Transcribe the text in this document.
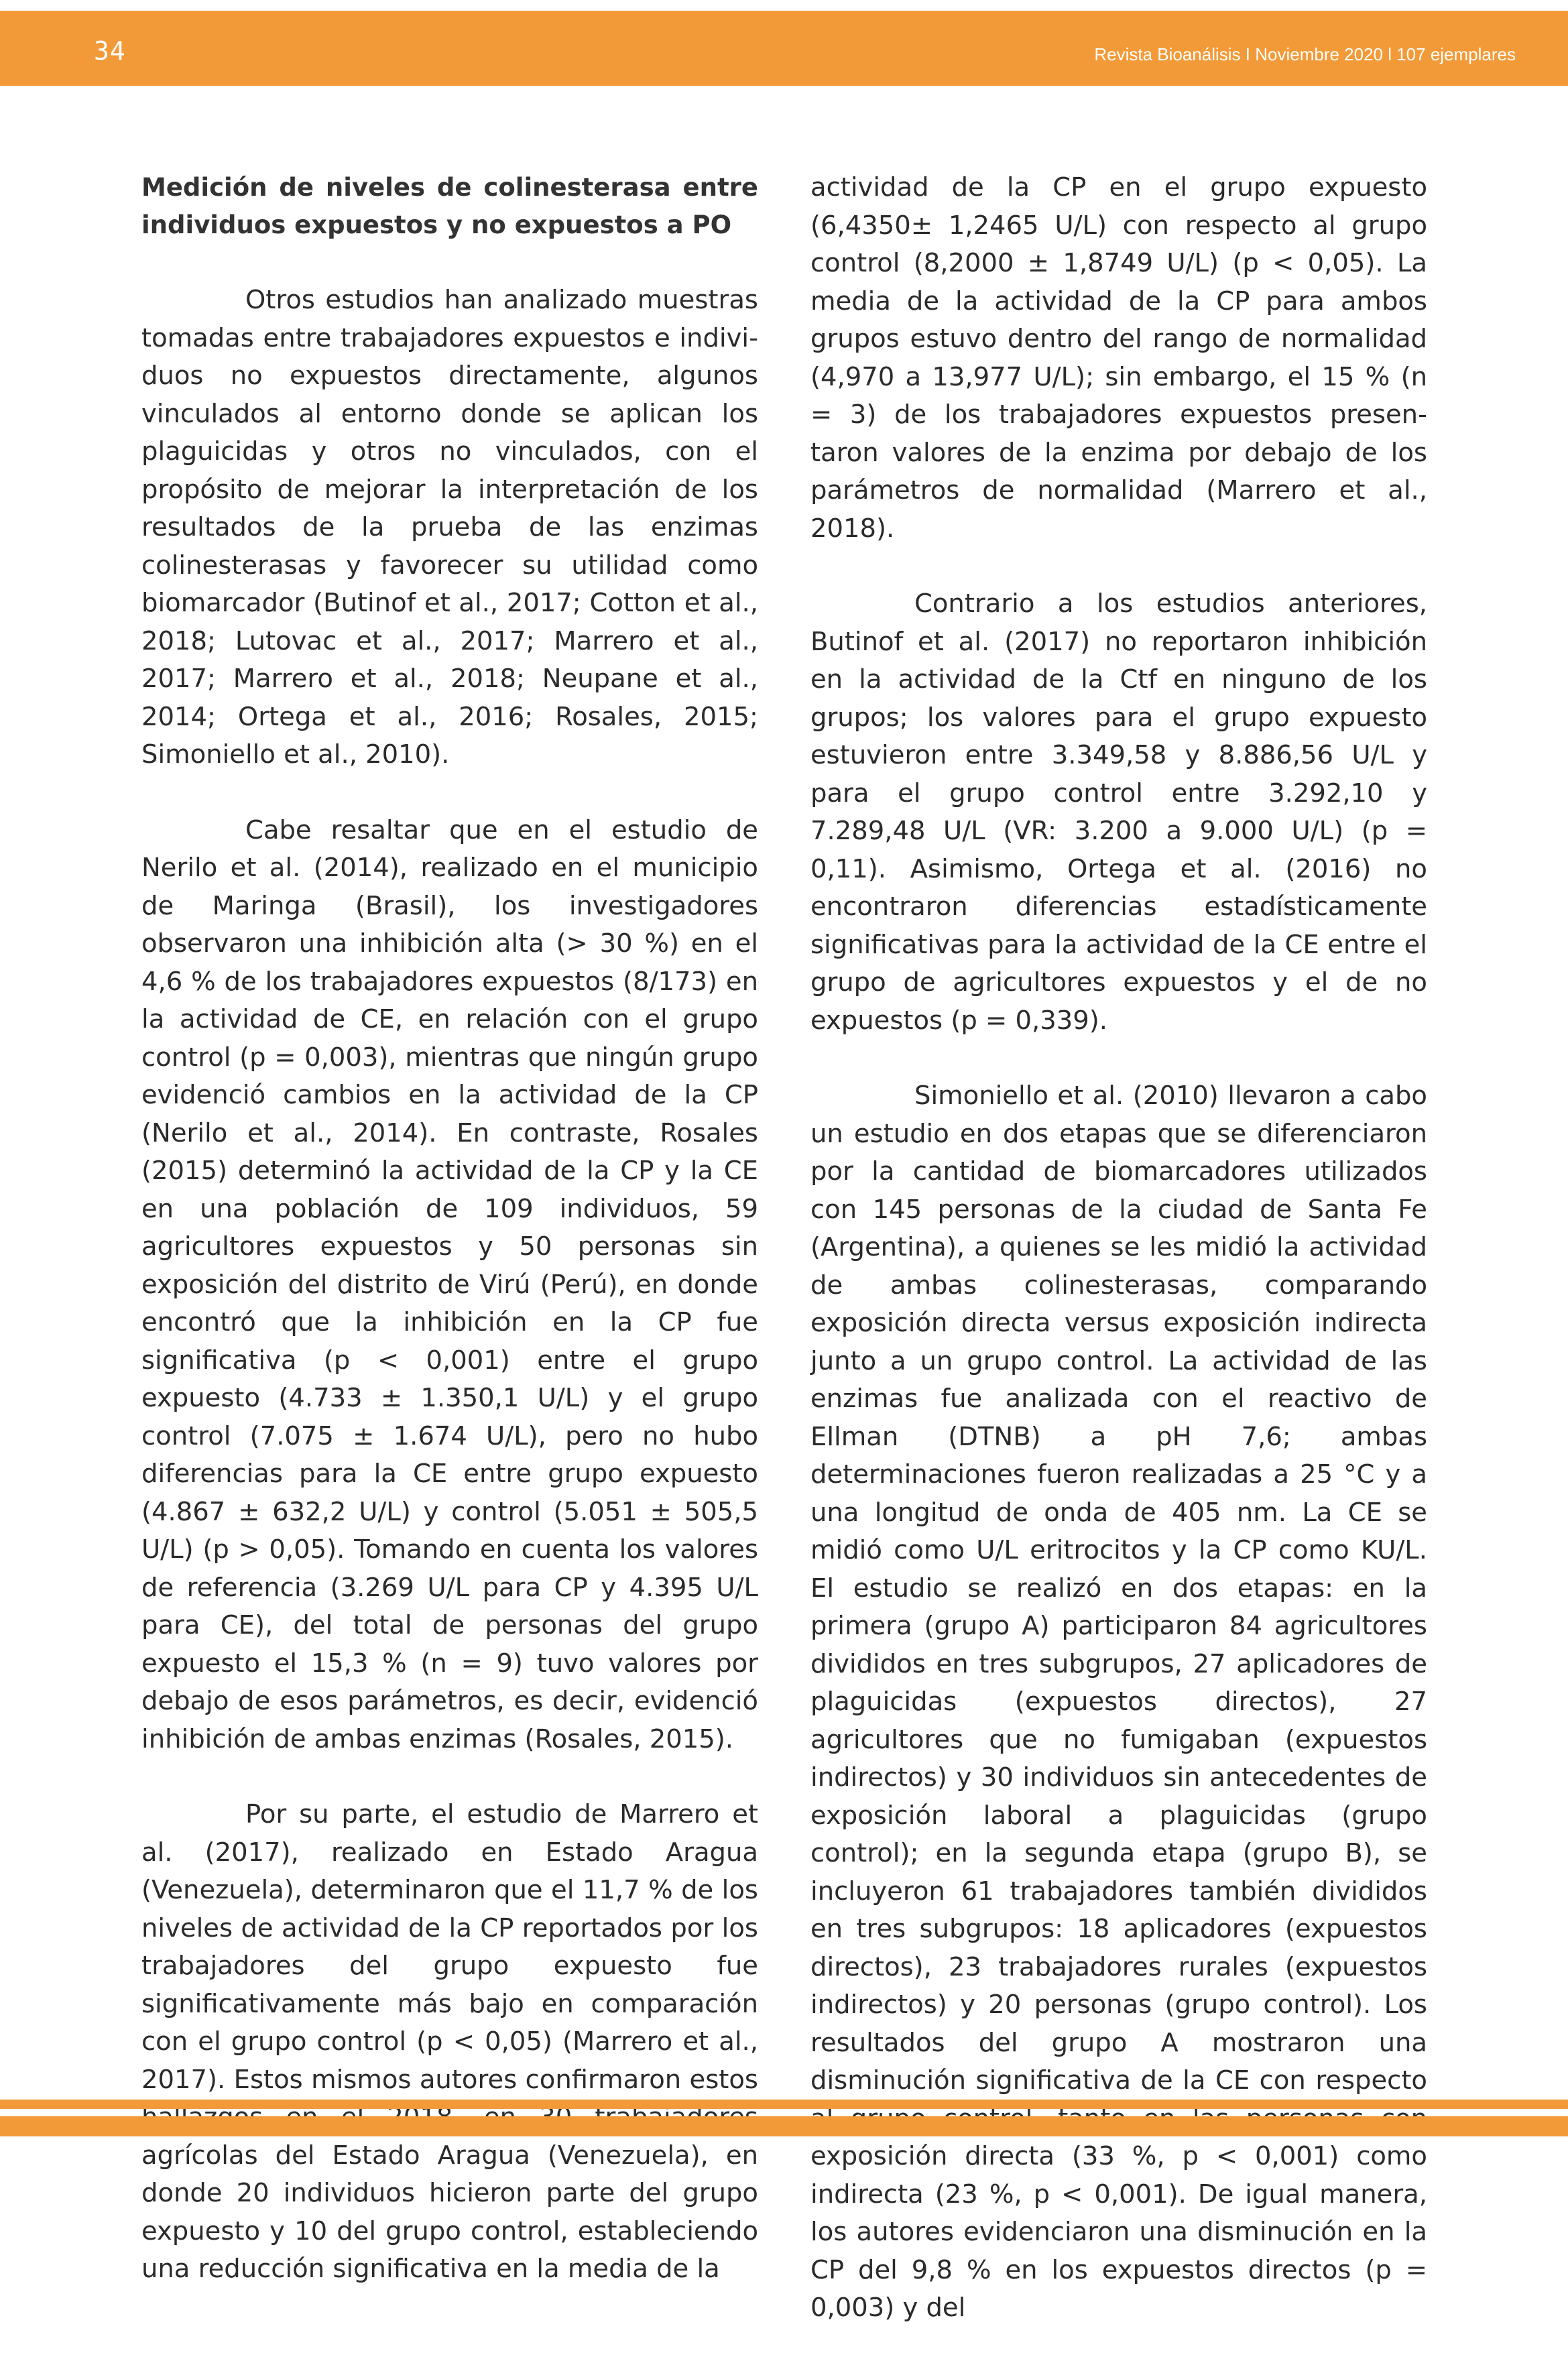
34	Revista Bioanálisis I Noviembre 2020 l 107 ejemplares
Medición de niveles de colinesterasa entre individuos expuestos y no expuestos a PO

Otros estudios han analizado muestras tomadas entre trabajadores expuestos e individuos no expuestos directamente, algunos vinculados al entorno donde se aplican los plaguicidas y otros no vinculados, con el propósito de mejorar la interpretación de los resultados de la prueba de las enzimas colinesterasas y favorecer su utilidad como biomarcador (Butinof et al., 2017; Cotton et al., 2018; Lutovac et al., 2017; Marrero et al., 2017; Marrero et al., 2018; Neupane et al., 2014; Ortega et al., 2016; Rosales, 2015; Simoniello et al., 2010).

Cabe resaltar que en el estudio de Nerilo et al. (2014), realizado en el municipio de Maringa (Brasil), los investigadores observaron una inhibición alta (> 30 %) en el 4,6 % de los trabajadores expuestos (8/173) en la actividad de CE, en relación con el grupo control (p = 0,003), mientras que ningún grupo evidenció cambios en la actividad de la CP (Nerilo et al., 2014). En contraste, Rosales (2015) determinó la actividad de la CP y la CE en una población de 109 individuos, 59 agricultores expuestos y 50 personas sin exposición del distrito de Virú (Perú), en donde encontró que la inhibición en la CP fue significativa (p < 0,001) entre el grupo expuesto (4.733 ± 1.350,1 U/L) y el grupo control (7.075 ± 1.674 U/L), pero no hubo diferencias para la CE entre grupo expuesto (4.867 ± 632,2 U/L) y control (5.051 ± 505,5 U/L) (p > 0,05). Tomando en cuenta los valores de referencia (3.269 U/L para CP y 4.395 U/L para CE), del total de personas del grupo expuesto el 15,3 % (n = 9) tuvo valores por debajo de esos parámetros, es decir, evidenció inhibición de ambas enzimas (Rosales, 2015).

Por su parte, el estudio de Marrero et al. (2017), realizado en Estado Aragua (Venezuela), determinaron que el 11,7 % de los niveles de actividad de la CP reportados por los trabajadores del grupo expuesto fue significativamente más bajo en comparación con el grupo control (p < 0,05) (Marrero et al., 2017). Estos mismos autores confirmaron estos agrícolas del Estado Aragua (Venezuela), en donde 20 individuos hicieron parte del grupo expuesto y 10 del grupo control, estableciendo una reducción significativa en la media de la

actividad de la CP en el grupo expuesto (6,4350± 1,2465 U/L) con respecto al grupo control (8,2000 ± 1,8749 U/L) (p < 0,05). La media de la actividad de la CP para ambos grupos estuvo dentro del rango de normalidad (4,970 a 13,977 U/L); sin embargo, el 15 % (n = 3) de los trabajadores expuestos presentaron valores de la enzima por debajo de los parámetros de normalidad (Marrero et al., 2018).

Contrario a los estudios anteriores, Butinof et al. (2017) no reportaron inhibición en la actividad de la Ctf en ninguno de los grupos; los valores para el grupo expuesto estuvieron entre 3.349,58 y 8.886,56 U/L y para el grupo control entre 3.292,10 y 7.289,48 U/L (VR: 3.200 a 9.000 U/L) (p = 0,11). Asimismo, Ortega et al. (2016) no encontraron diferencias estadísticamente significativas para la actividad de la CE entre el grupo de agricultores expuestos y el de no expuestos (p = 0,339).

Simoniello et al. (2010) llevaron a cabo un estudio en dos etapas que se diferenciaron por la cantidad de biomarcadores utilizados con 145 personas de la ciudad de Santa Fe (Argentina), a quienes se les midió la actividad de ambas colinesterasas, comparando exposición directa versus exposición indirecta junto a un grupo control. La actividad de las enzimas fue analizada con el reactivo de Ellman (DTNB) a pH 7,6; ambas determinaciones fueron realizadas a 25 °C y a una longitud de onda de 405 nm. La CE se midió como U/L eritrocitos y la CP como KU/L. El estudio se realizó en dos etapas: en la primera (grupo A) participaron 84 agricultores divididos en tres subgrupos, 27 aplicadores de plaguicidas (expuestos directos), 27 agricultores que no fumigaban (expuestos indirectos) y 30 individuos sin antecedentes de exposición laboral a plaguicidas (grupo control); en la segunda etapa (grupo B), se incluyeron 61 trabajadores también divididos en tres subgrupos: 18 aplicadores (expuestos directos), 23 trabajadores rurales (expuestos indirectos) y 20 personas (grupo control). Los resultados del grupo A mostraron una disminución significativa de la CE con respecto exposición directa (33 %, p < 0,001) como indirecta (23 %, p < 0,001). De igual manera, los autores evidenciaron una disminución en la CP del 9,8 % en los expuestos directos (p = 0,003) y del
